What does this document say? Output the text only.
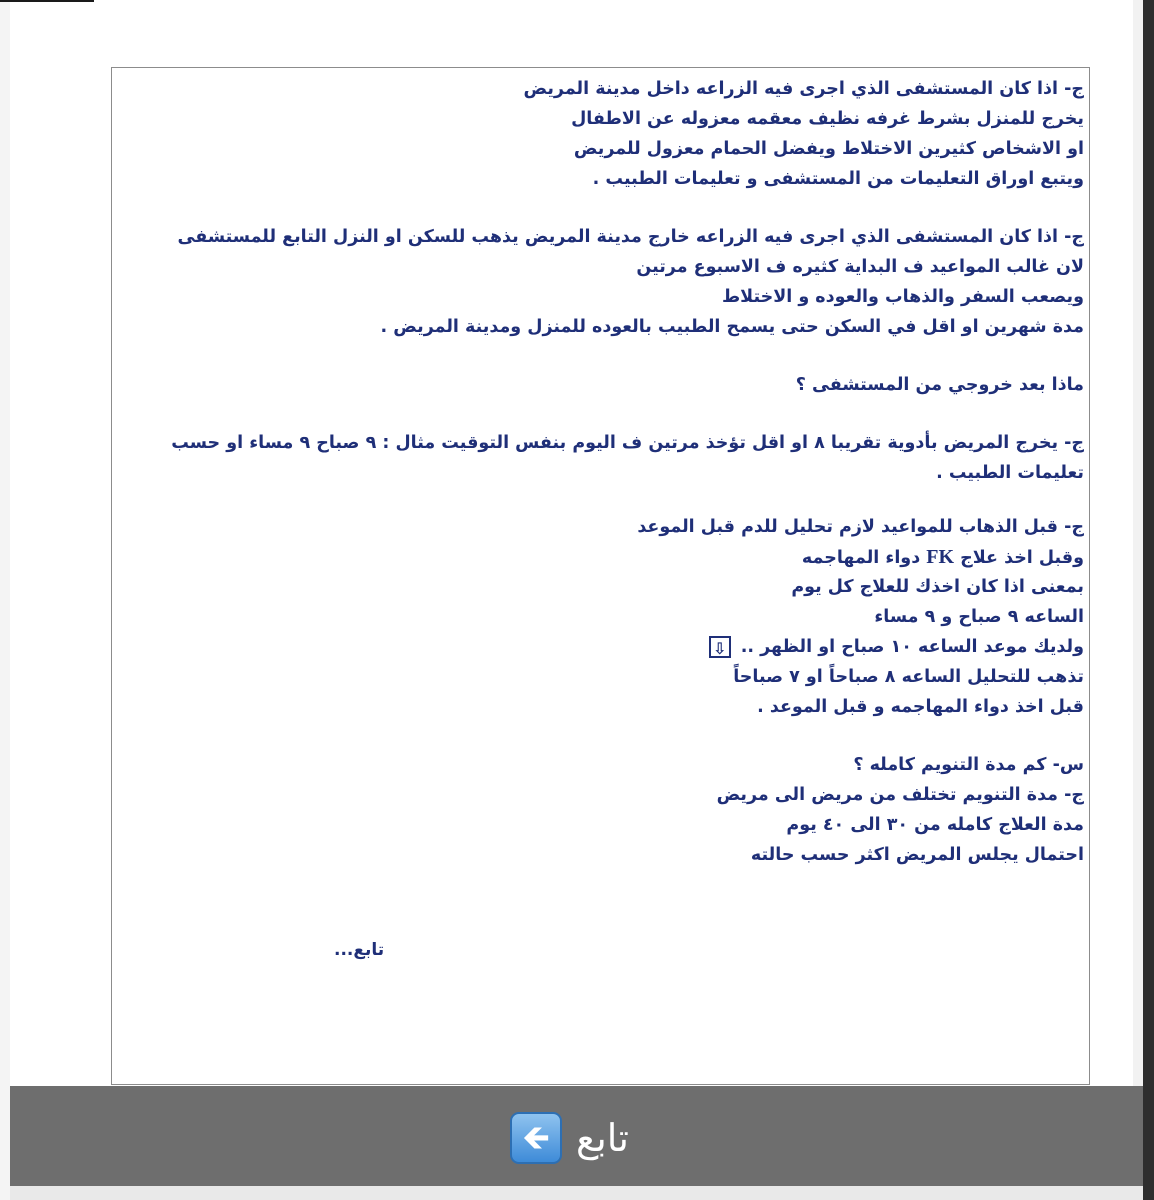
ج- اذا كان المستشفى الذي اجرى فيه الزراعه داخل مدينة المريض
يخرج للمنزل بشرط غرفه نظيف معقمه معزوله عن الاطفال
او الاشخاص كثيرين الاختلاط ويفضل الحمام معزول للمريض
ويتبع اوراق التعليمات من المستشفى و تعليمات الطبيب .
ج- اذا كان المستشفى الذي اجرى فيه الزراعه خارج مدينة المريض يذهب للسكن او النزل التابع للمستشفى
لان غالب المواعيد ف البداية كثيره ف الاسبوع مرتين
ويصعب السفر والذهاب والعوده و الاختلاط
مدة شهرين او اقل في السكن حتى يسمح الطبيب بالعوده للمنزل ومدينة المريض .
ماذا بعد خروجي من المستشفى ؟
ج- يخرج المريض بأدوية تقريبا ٨ او اقل تؤخذ مرتين ف اليوم بنفس التوقيت مثال : ٩ صباح ٩ مساء او حسب تعليمات الطبيب .
ج- قبل الذهاب للمواعيد لازم تحليل للدم قبل الموعد
وقبل اخذ علاج FK دواء المهاجمه
بمعنى اذا كان اخذك للعلاج كل يوم
الساعه ٩ صباح و ٩ مساء
ولديك موعد الساعه ١٠ صباح او الظهر .. ⇩
تذهب للتحليل الساعه ٨ صباحاً او ٧ صباحاً
قبل اخذ دواء المهاجمه و قبل الموعد .
س- كم مدة التنويم كامله ؟
ج- مدة التنويم تختلف من مريض الى مريض
مدة العلاج كامله من ٣٠ الى ٤٠ يوم
احتمال يجلس المريض اكثر حسب حالته
تابع...
🡸 تابع
